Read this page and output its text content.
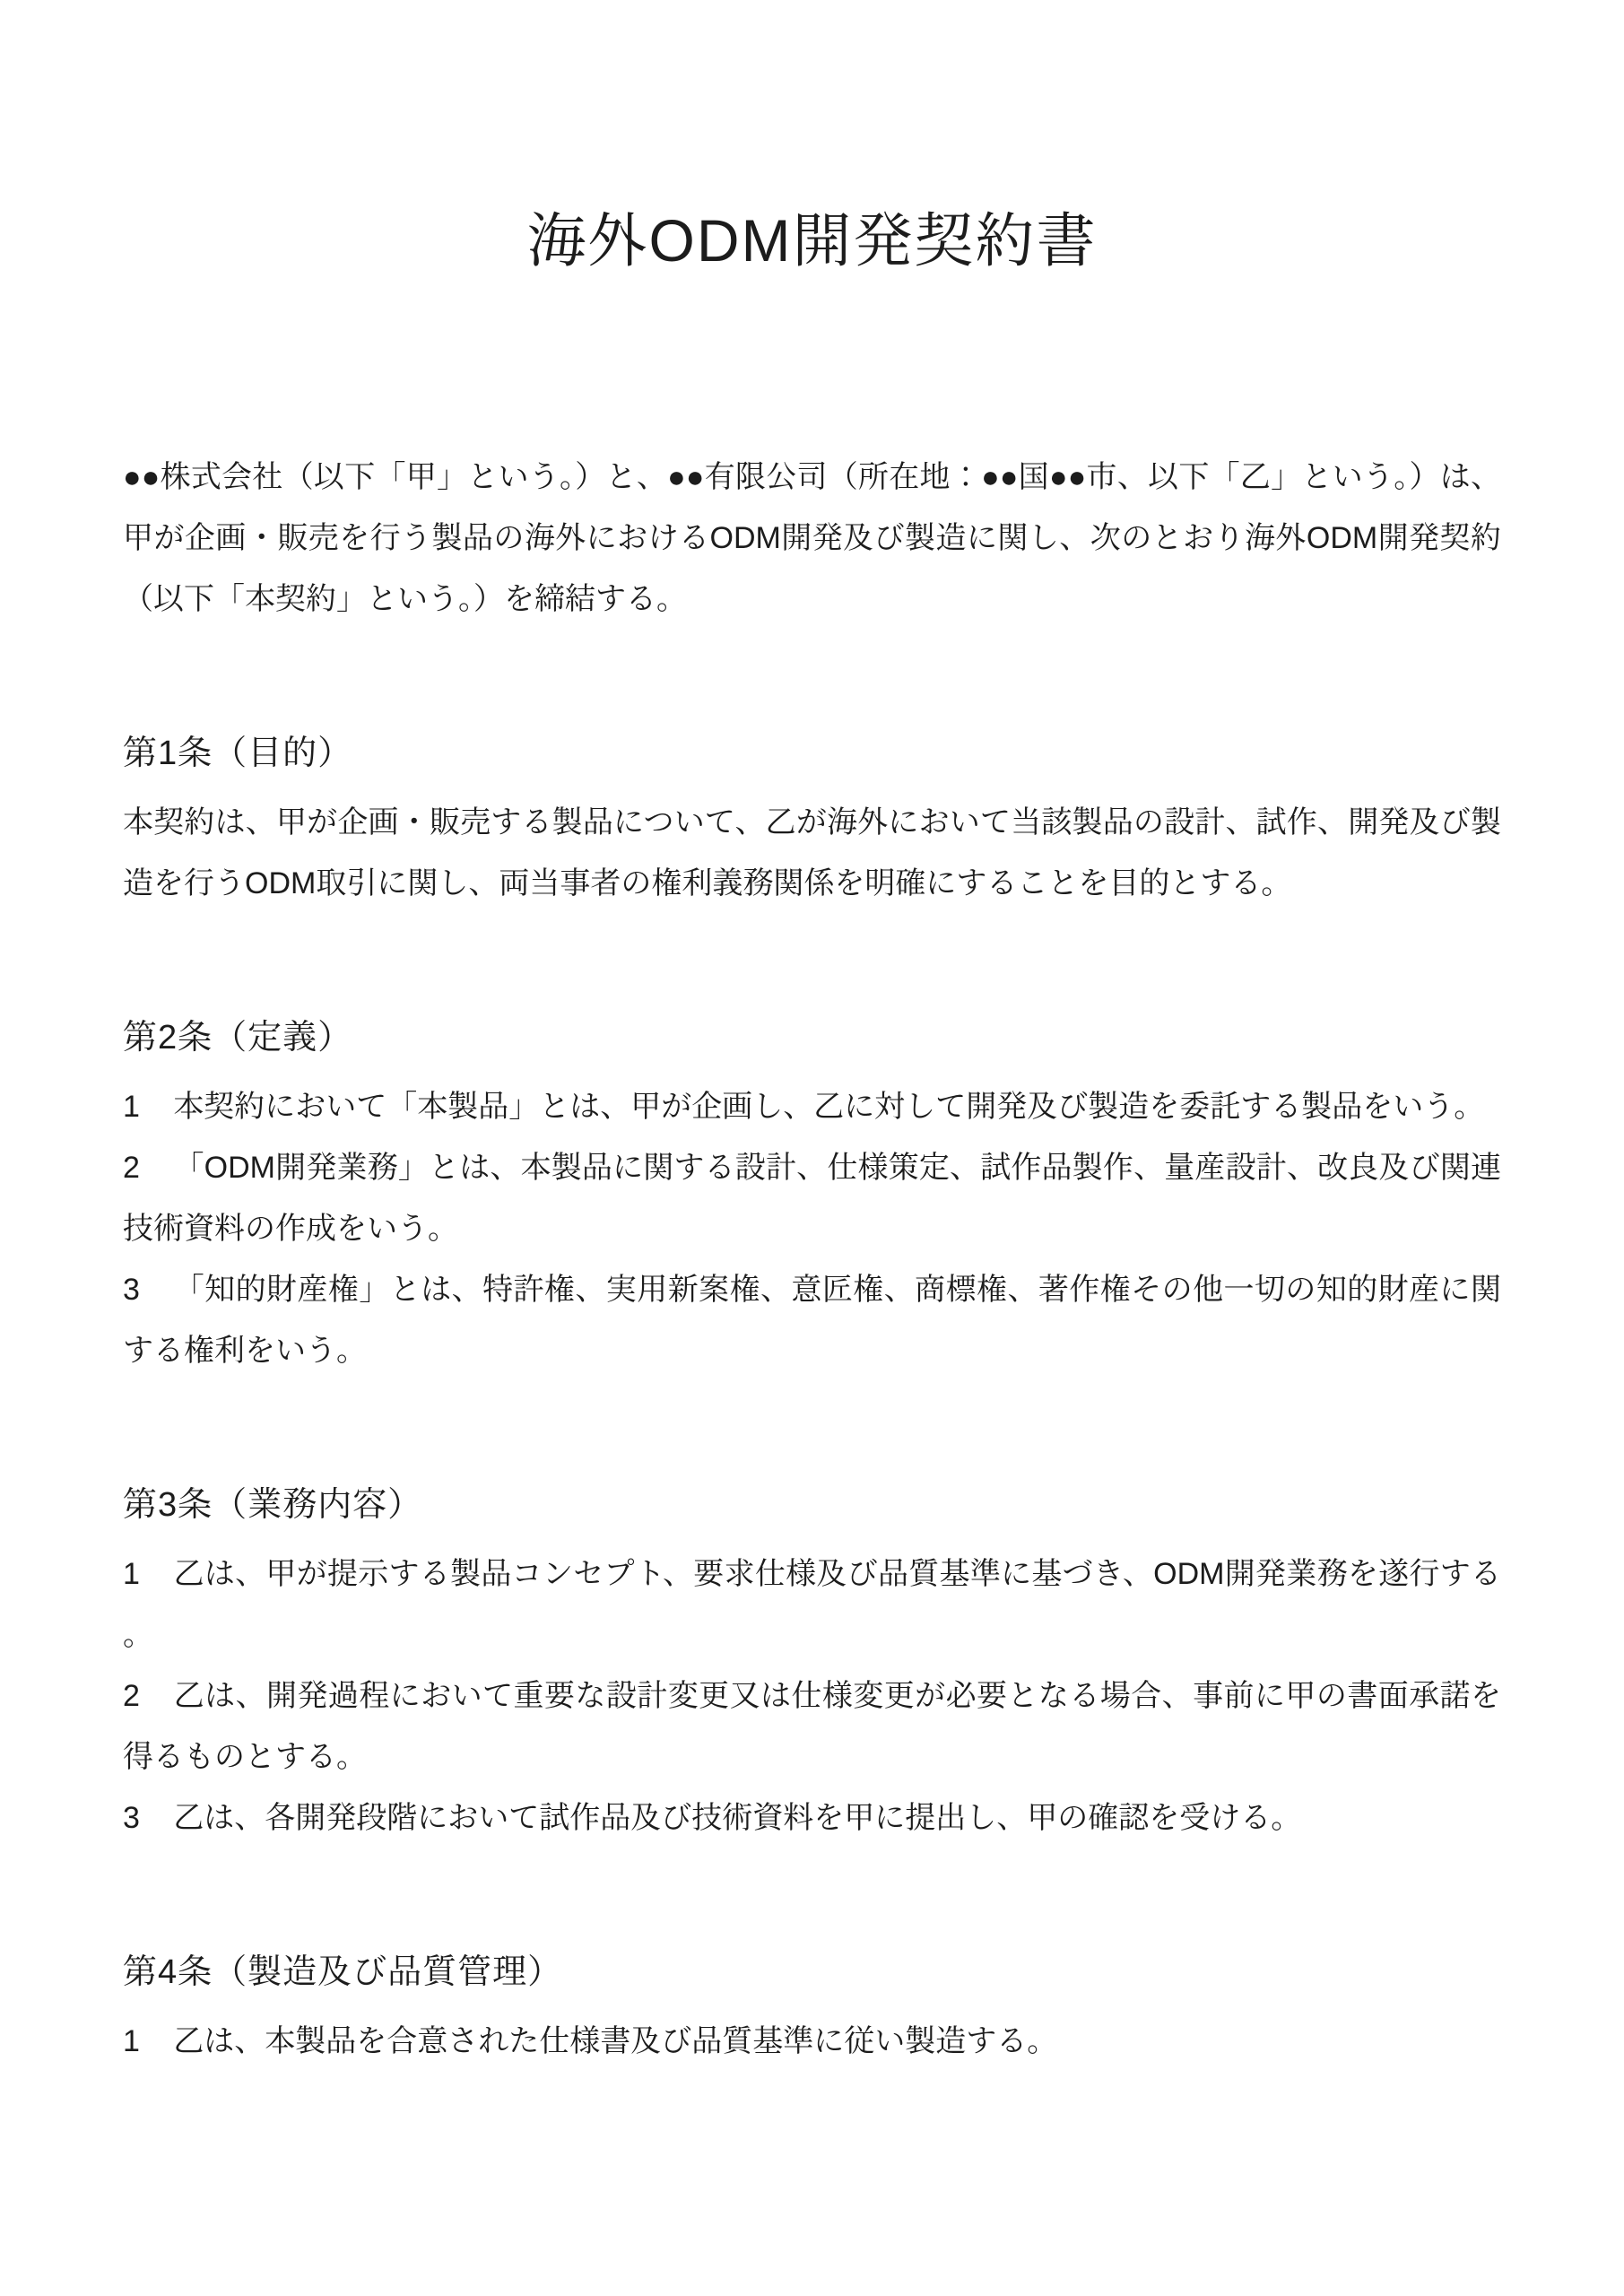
海外ODM開発契約書

●●株式会社（以下「甲」という。）と、●●有限公司（所在地：●●国●●市、以下「乙」という。）は、甲が企画・販売を行う製品の海外におけるODM開発及び製造に関し、次のとおり海外ODM開発契約（以下「本契約」という。）を締結する。

第1条（目的）

本契約は、甲が企画・販売する製品について、乙が海外において当該製品の設計、試作、開発及び製造を行うODM取引に関し、両当事者の権利義務関係を明確にすることを目的とする。

第2条（定義）

1 本契約において「本製品」とは、甲が企画し、乙に対して開発及び製造を委託する製品をいう。

2 「ODM開発業務」とは、本製品に関する設計、仕様策定、試作品製作、量産設計、改良及び関連技術資料の作成をいう。

3 「知的財産権」とは、特許権、実用新案権、意匠権、商標権、著作権その他一切の知的財産に関する権利をいう。

第3条（業務内容）

1 乙は、甲が提示する製品コンセプト、要求仕様及び品質基準に基づき、ODM開発業務を遂行する。

2 乙は、開発過程において重要な設計変更又は仕様変更が必要となる場合、事前に甲の書面承諾を得るものとする。

3 乙は、各開発段階において試作品及び技術資料を甲に提出し、甲の確認を受ける。

第4条（製造及び品質管理）

1 乙は、本製品を合意された仕様書及び品質基準に従い製造する。
